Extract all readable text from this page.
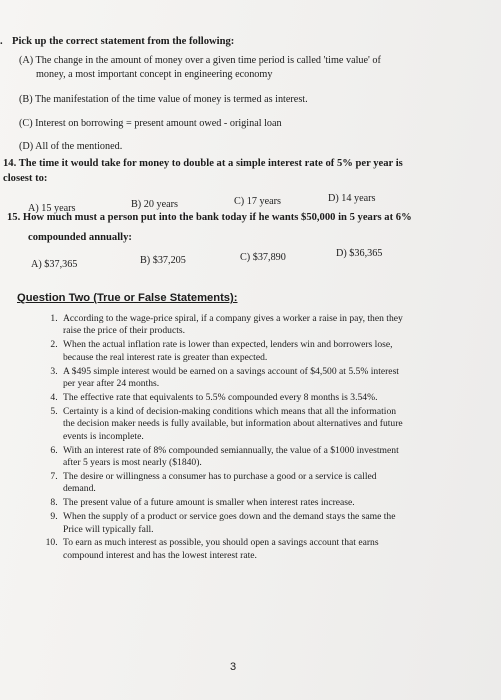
. Pick up the correct statement from the following:
(A) The change in the amount of money over a given time period is called 'time value' of
money, a most important concept in engineering economy
(B) The manifestation of the time value of money is termed as interest.
(C) Interest on borrowing = present amount owed - original loan
(D) All of the mentioned.
14. The time it would take for money to double at a simple interest rate of 5% per year is
closest to:
A) 15 years	B) 20 years	C) 17 years	D) 14 years
15. How much must a person put into the bank today if he wants $50,000 in 5 years at 6%
compounded annually:
A) $37,365	B) $37,205	C) $37,890	D) $36,365
Question Two (True or False Statements):
1. According to the wage-price spiral, if a company gives a worker a raise in pay, then they
raise the price of their products.
2. When the actual inflation rate is lower than expected, lenders win and borrowers lose,
because the real interest rate is greater than expected.
3. A $495 simple interest would be earned on a savings account of $4,500 at 5.5% interest
per year after 24 months.
4. The effective rate that equivalents to 5.5% compounded every 8 months is 3.54%.
5. Certainty is a kind of decision-making conditions which means that all the information
the decision maker needs is fully available, but information about alternatives and future
events is incomplete.
6. With an interest rate of 8% compounded semiannually, the value of a $1000 investment
after 5 years is most nearly ($1840).
7. The desire or willingness a consumer has to purchase a good or a service is called
demand.
8. The present value of a future amount is smaller when interest rates increase.
9. When the supply of a product or service goes down and the demand stays the same the
Price will typically fall.
10. To earn as much interest as possible, you should open a savings account that earns
compound interest and has the lowest interest rate.
3
